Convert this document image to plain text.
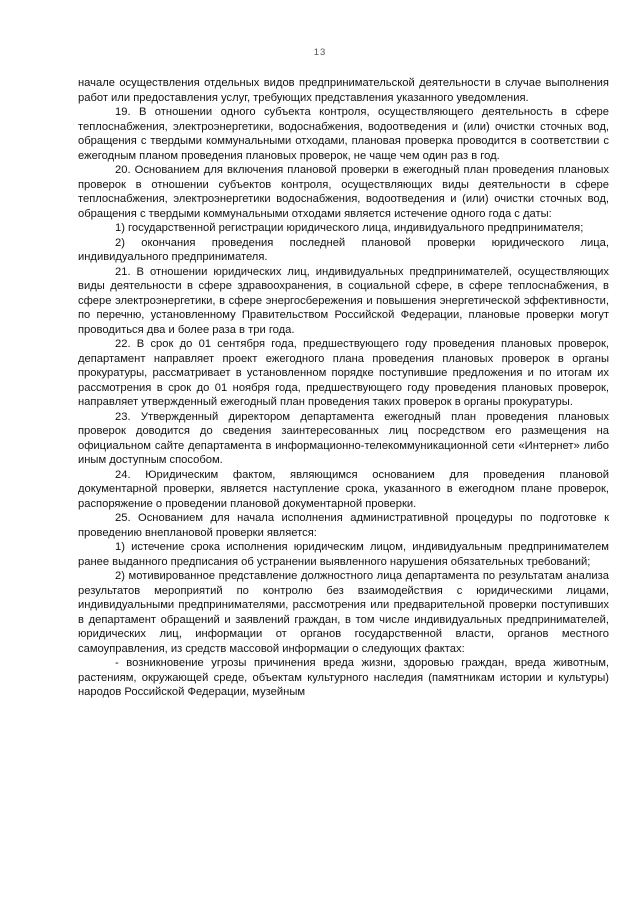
13

начале осуществления отдельных видов предпринимательской деятельности в случае выполнения работ или предоставления услуг, требующих представления указанного уведомления.

19. В отношении одного субъекта контроля, осуществляющего деятельность в сфере теплоснабжения, электроэнергетики, водоснабжения, водоотведения и (или) очистки сточных вод, обращения с твердыми коммунальными отходами, плановая проверка проводится в соответствии с ежегодным планом проведения плановых проверок, не чаще чем один раз в год.

20. Основанием для включения плановой проверки в ежегодный план проведения плановых проверок в отношении субъектов контроля, осуществляющих виды деятельности в сфере теплоснабжения, электроэнергетики водоснабжения, водоотведения и (или) очистки сточных вод, обращения с твердыми коммунальными отходами является истечение одного года с даты:

1) государственной регистрации юридического лица, индивидуального предпринимателя;

2) окончания проведения последней плановой проверки юридического лица, индивидуального предпринимателя.

21. В отношении юридических лиц, индивидуальных предпринимателей, осуществляющих виды деятельности в сфере здравоохранения, в социальной сфере, в сфере теплоснабжения, в сфере электроэнергетики, в сфере энергосбережения и повышения энергетической эффективности, по перечню, установленному Правительством Российской Федерации, плановые проверки могут проводиться два и более раза в три года.

22. В срок до 01 сентября года, предшествующего году проведения плановых проверок, департамент направляет проект ежегодного плана проведения плановых проверок в органы прокуратуры, рассматривает в установленном порядке поступившие предложения и по итогам их рассмотрения в срок до 01 ноября года, предшествующего году проведения плановых проверок, направляет утвержденный ежегодный план проведения таких проверок в органы прокуратуры.

23. Утвержденный директором департамента ежегодный план проведения плановых проверок доводится до сведения заинтересованных лиц посредством его размещения на официальном сайте департамента в информационно-телекоммуникационной сети «Интернет» либо иным доступным способом.

24. Юридическим фактом, являющимся основанием для проведения плановой документарной проверки, является наступление срока, указанного в ежегодном плане проверок, распоряжение о проведении плановой документарной проверки.

25. Основанием для начала исполнения административной процедуры по подготовке к проведению внеплановой проверки является:

1) истечение срока исполнения юридическим лицом, индивидуальным предпринимателем ранее выданного предписания об устранении выявленного нарушения обязательных требований;

2) мотивированное представление должностного лица департамента по результатам анализа результатов мероприятий по контролю без взаимодействия с юридическими лицами, индивидуальными предпринимателями, рассмотрения или предварительной проверки поступивших в департамент обращений и заявлений граждан, в том числе индивидуальных предпринимателей, юридических лиц, информации от органов государственной власти, органов местного самоуправления, из средств массовой информации о следующих фактах:

- возникновение угрозы причинения вреда жизни, здоровью граждан, вреда животным, растениям, окружающей среде, объектам культурного наследия (памятникам истории и культуры) народов Российской Федерации, музейным
